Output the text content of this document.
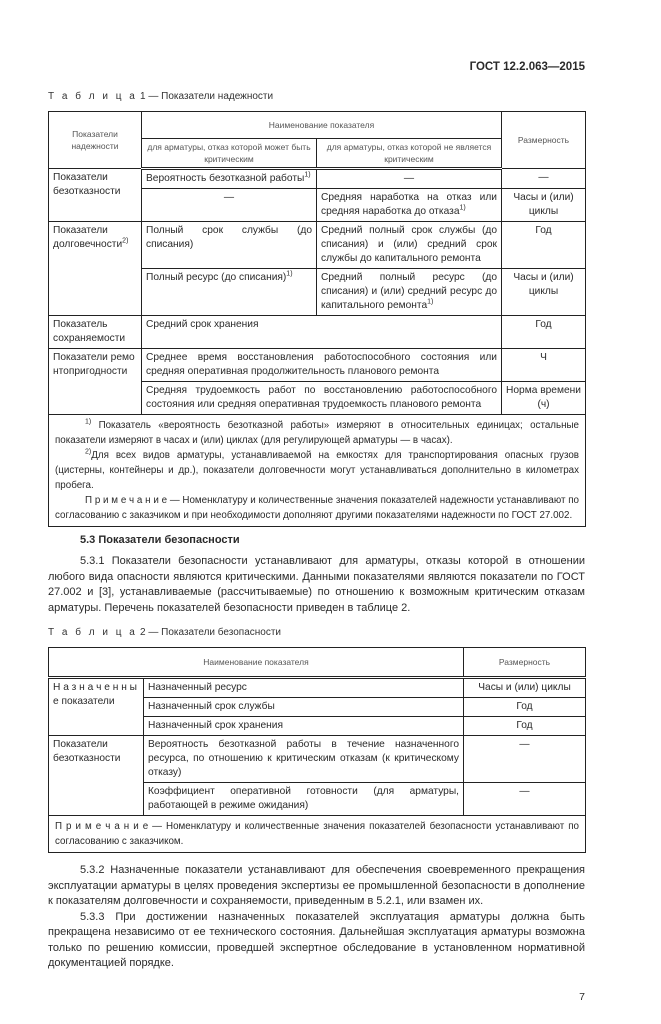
ГОСТ 12.2.063—2015
Т а б л и ц а 1 — Показатели надежности
Показатели надежности	Наименование показателя		Размерность
	для арматуры, отказ которой может быть критическим	для арматуры, отказ которой не является критическим	
Показатели безотказности	Вероятность безотказной работы$^{1)}$	—	—
	—	Средняя наработка на отказ или средняя наработка до отказа$^{1)}$	Часы и (или) циклы
Показатели долговечности$^{2)}$	Полный срок службы (до списания)	Средний полный срок службы (до списания) и (или) средний срок службы до капитального ремонта	Год
	Полный ресурс (до списания)$^{1)}$	Средний полный ресурс (до списания) и (или) средний ресурс до капитального ремонта$^{1)}$	Часы и (или) циклы
Показатель сохраняемости	Средний срок хранения		Год
Показатели ремонтопригодности	Среднее время восстановления работоспособного состояния или средняя оперативная продолжительность планового ремонта		Ч
	Средняя трудоемкость работ по восстановлению работоспособного состояния или средняя оперативная трудоемкость планового ремонта		Норма времени (ч)

$^{1)}$ Показатель «вероятность безотказной работы» измеряют в относительных единицах; остальные показатели измеряют в часах и (или) циклах (для регулирующей арматуры — в часах).
$^{2)}$Для всех видов арматуры, устанавливаемой на емкостях для транспортирования опасных грузов (цистерны, контейнеры и др.), показатели долговечности могут устанавливаться дополнительно в километрах пробега.
П р и м е ч а н и е — Номенклатуру и количественные значения показателей надежности устанавливают по согласованию с заказчиком и при необходимости дополняют другими показателями надежности по ГОСТ 27.002.			
5.3 Показатели безопасности

5.3.1 Показатели безопасности устанавливают для арматуры, отказы которой в отношении любого вида опасности являются критическими. Данными показателями являются показатели по ГОСТ 27.002 и [3], устанавливаемые (рассчитываемые) по отношению к возможным критическим отказам арматуры. Перечень показателей безопасности приведен в таблице 2.

Т а б л и ц а 2 — Показатели безопасности
Наименование показателя		Размерность
Н а з н а ч е н н ы е показатели	Назначенный ресурс	Часы и (или) циклы
	Назначенный срок службы	Год
	Назначенный срок хранения	Год
Показатели безотказности	Вероятность безотказной работы в течение назначенного ресурса, по отношению к критическим отказам (к критическому отказу)	—
	Коэффициент оперативной готовности (для арматуры, работающей в режиме ожидания)	—
П р и м е ч а н и е — Номенклатуру и количественные значения показателей безопасности устанавливают по согласованию с заказчиком.		

5.3.2 Назначенные показатели устанавливают для обеспечения своевременного прекращения эксплуатации арматуры в целях проведения экспертизы ее промышленной безопасности в дополнение к показателям долговечности и сохраняемости, приведенным в 5.2.1, или взамен их.

5.3.3 При достижении назначенных показателей эксплуатация арматуры должна быть прекращена независимо от ее технического состояния. Дальнейшая эксплуатация арматуры возможна только по решению комиссии, проведшей экспертное обследование в установленном нормативной документацией порядке.

7
